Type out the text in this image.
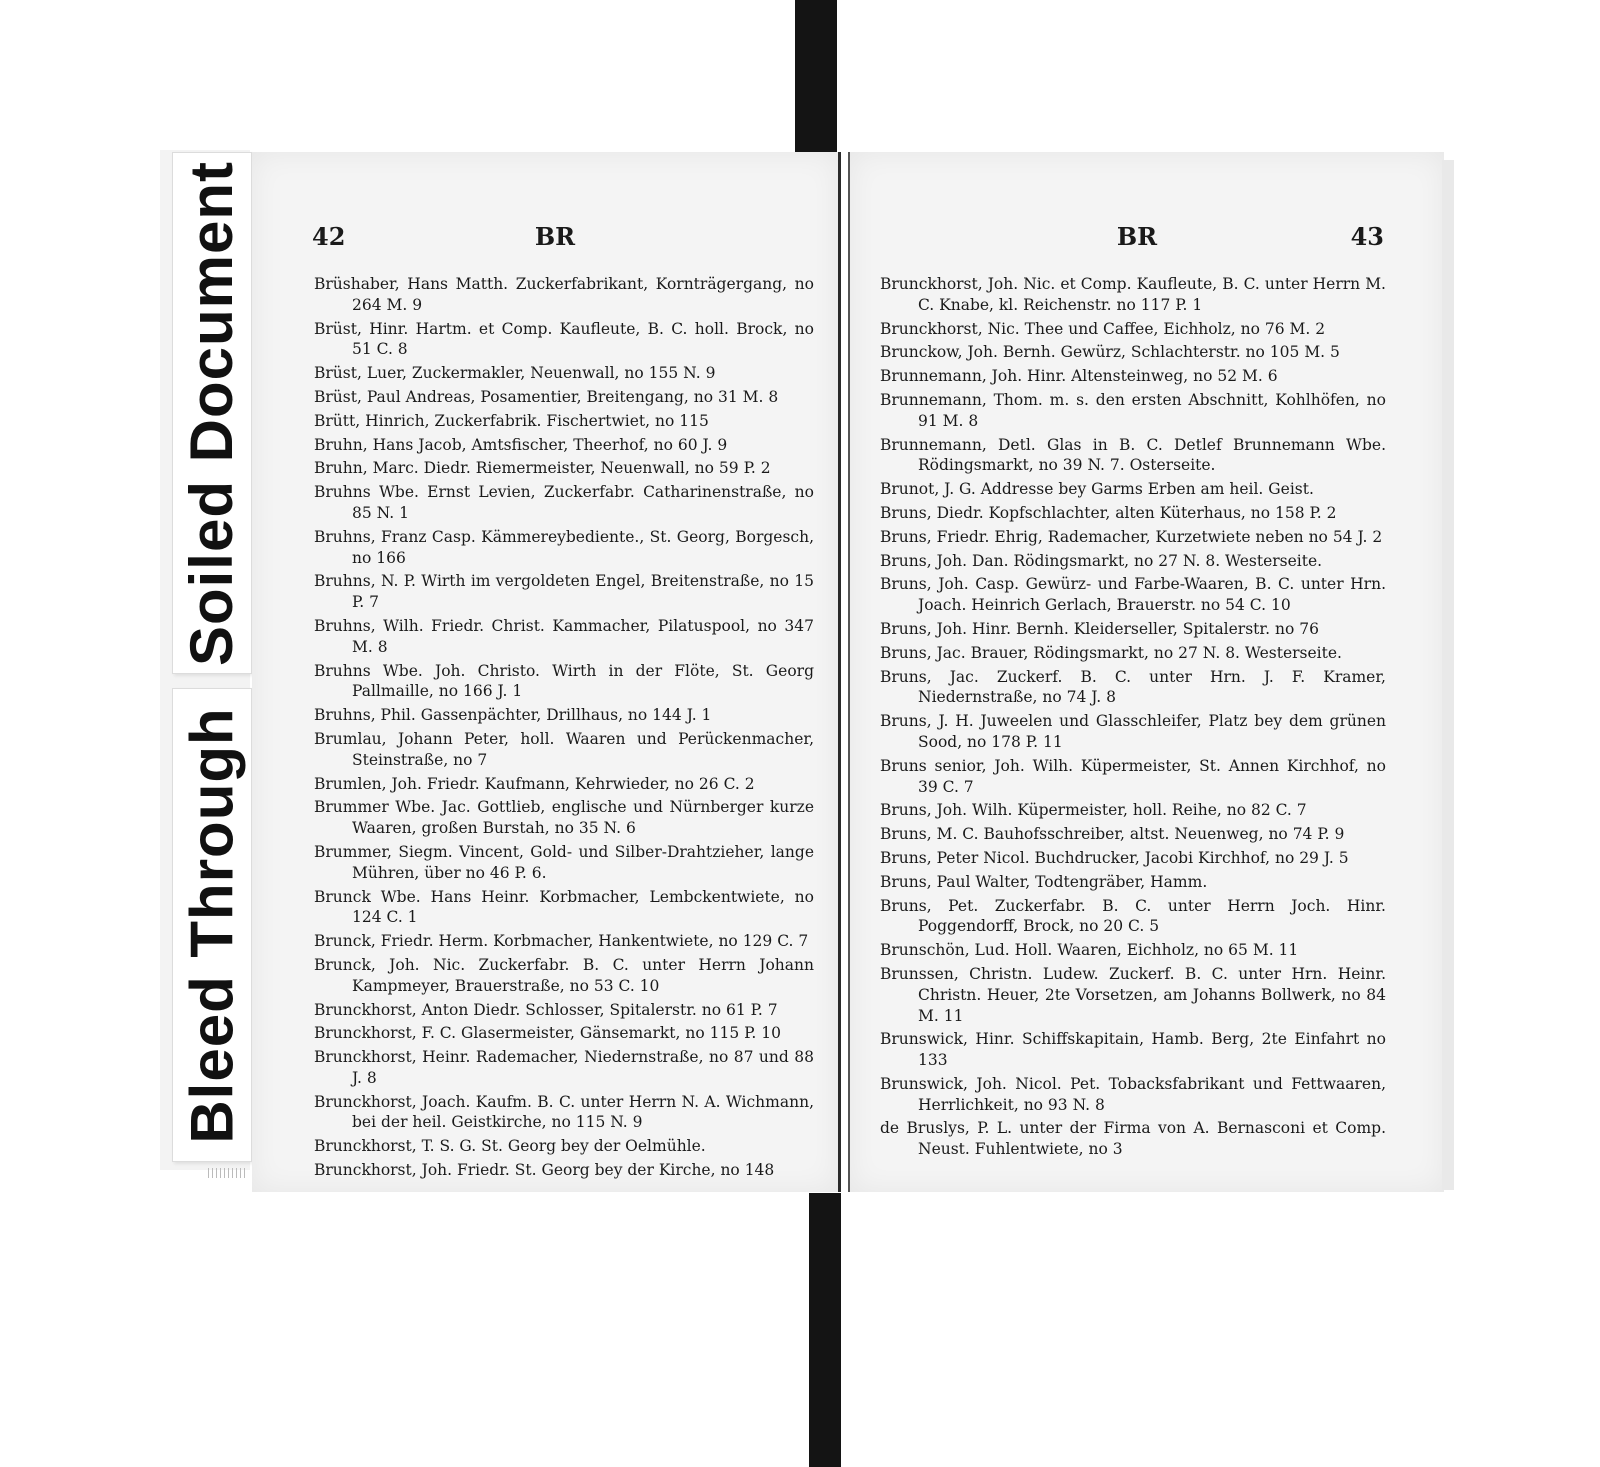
Soiled Document
Bleed Through
42	BR
Brüshaber, Hans Matth. Zuckerfabrikant, Kornträgergang, no 264 M. 9
Brüst, Hinr. Hartm. et Comp. Kaufleute, B. C. holl. Brock, no 51 C. 8
Brüst, Luer, Zuckermakler, Neuenwall, no 155 N. 9
Brüst, Paul Andreas, Posamentier, Breitengang, no 31 M. 8
Brütt, Hinrich, Zuckerfabrik. Fischertwiet, no 115
Bruhn, Hans Jacob, Amtsfischer, Theerhof, no 60 J. 9
Bruhn, Marc. Diedr. Riemermeister, Neuenwall, no 59 P. 2
Bruhns Wbe. Ernst Levien, Zuckerfabr. Catharinenstraße, no 85 N. 1
Bruhns, Franz Casp. Kämmereybediente., St. Georg, Borgesch, no 166
Bruhns, N. P. Wirth im vergoldeten Engel, Breitenstraße, no 15 P. 7
Bruhns, Wilh. Friedr. Christ. Kammacher, Pilatuspool, no 347 M. 8
Bruhns Wbe. Joh. Christo. Wirth in der Flöte, St. Georg Pallmaille, no 166 J. 1
Bruhns, Phil. Gassenpächter, Drillhaus, no 144 J. 1
Brumlau, Johann Peter, holl. Waaren und Perückenmacher, Steinstraße, no 7
Brumlen, Joh. Friedr. Kaufmann, Kehrwieder, no 26 C. 2
Brummer Wbe. Jac. Gottlieb, englische und Nürnberger kurze Waaren, großen Burstah, no 35 N. 6
Brummer, Siegm. Vincent, Gold- und Silber-Drahtzieher, lange Mühren, über no 46 P. 6.
Brunck Wbe. Hans Heinr. Korbmacher, Lembckentwiete, no 124 C. 1
Brunck, Friedr. Herm. Korbmacher, Hankentwiete, no 129 C. 7
Brunck, Joh. Nic. Zuckerfabr. B. C. unter Herrn Johann Kampmeyer, Brauerstraße, no 53 C. 10
Brunckhorst, Anton Diedr. Schlosser, Spitalerstr. no 61 P. 7
Brunckhorst, F. C. Glasermeister, Gänsemarkt, no 115 P. 10
Brunckhorst, Heinr. Rademacher, Niedernstraße, no 87 und 88 J. 8
Brunckhorst, Joach. Kaufm. B. C. unter Herrn N. A. Wichmann, bei der heil. Geistkirche, no 115 N. 9
Brunckhorst, T. S. G. St. Georg bey der Oelmühle.
Brunckhorst, Joh. Friedr. St. Georg bey der Kirche, no 148
BR	43
Brunckhorst, Joh. Nic. et Comp. Kaufleute, B. C. unter Herrn M. C. Knabe, kl. Reichenstr. no 117 P. 1
Brunckhorst, Nic. Thee und Caffee, Eichholz, no 76 M. 2
Brunckow, Joh. Bernh. Gewürz, Schlachterstr. no 105 M. 5
Brunnemann, Joh. Hinr. Altensteinweg, no 52 M. 6
Brunnemann, Thom. m. s. den ersten Abschnitt, Kohlhöfen, no 91 M. 8
Brunnemann, Detl. Glas in B. C. Detlef Brunnemann Wbe. Rödingsmarkt, no 39 N. 7. Osterseite.
Brunot, J. G. Addresse bey Garms Erben am heil. Geist.
Bruns, Diedr. Kopfschlachter, alten Küterhaus, no 158 P. 2
Bruns, Friedr. Ehrig, Rademacher, Kurzetwiete neben no 54 J. 2
Bruns, Joh. Dan. Rödingsmarkt, no 27 N. 8. Westerseite.
Bruns, Joh. Casp. Gewürz- und Farbe-Waaren, B. C. unter Hrn. Joach. Heinrich Gerlach, Brauerstr. no 54 C. 10
Bruns, Joh. Hinr. Bernh. Kleiderseller, Spitalerstr. no 76
Bruns, Jac. Brauer, Rödingsmarkt, no 27 N. 8. Westerseite.
Bruns, Jac. Zuckerf. B. C. unter Hrn. J. F. Kramer, Niedernstraße, no 74 J. 8
Bruns, J. H. Juweelen und Glasschleifer, Platz bey dem grünen Sood, no 178 P. 11
Bruns senior, Joh. Wilh. Küpermeister, St. Annen Kirchhof, no 39 C. 7
Bruns, Joh. Wilh. Küpermeister, holl. Reihe, no 82 C. 7
Bruns, M. C. Bauhofsschreiber, altst. Neuenweg, no 74 P. 9
Bruns, Peter Nicol. Buchdrucker, Jacobi Kirchhof, no 29 J. 5
Bruns, Paul Walter, Todtengräber, Hamm.
Bruns, Pet. Zuckerfabr. B. C. unter Herrn Joch. Hinr. Poggendorff, Brock, no 20 C. 5
Brunschön, Lud. Holl. Waaren, Eichholz, no 65 M. 11
Brunssen, Christn. Ludew. Zuckerf. B. C. unter Hrn. Heinr. Christn. Heuer, 2te Vorsetzen, am Johanns Bollwerk, no 84 M. 11
Brunswick, Hinr. Schiffskapitain, Hamb. Berg, 2te Einfahrt no 133
Brunswick, Joh. Nicol. Pet. Tobacksfabrikant und Fettwaaren, Herrlichkeit, no 93 N. 8
de Bruslys, P. L. unter der Firma von A. Bernasconi et Comp. Neust. Fuhlentwiete, no 3
